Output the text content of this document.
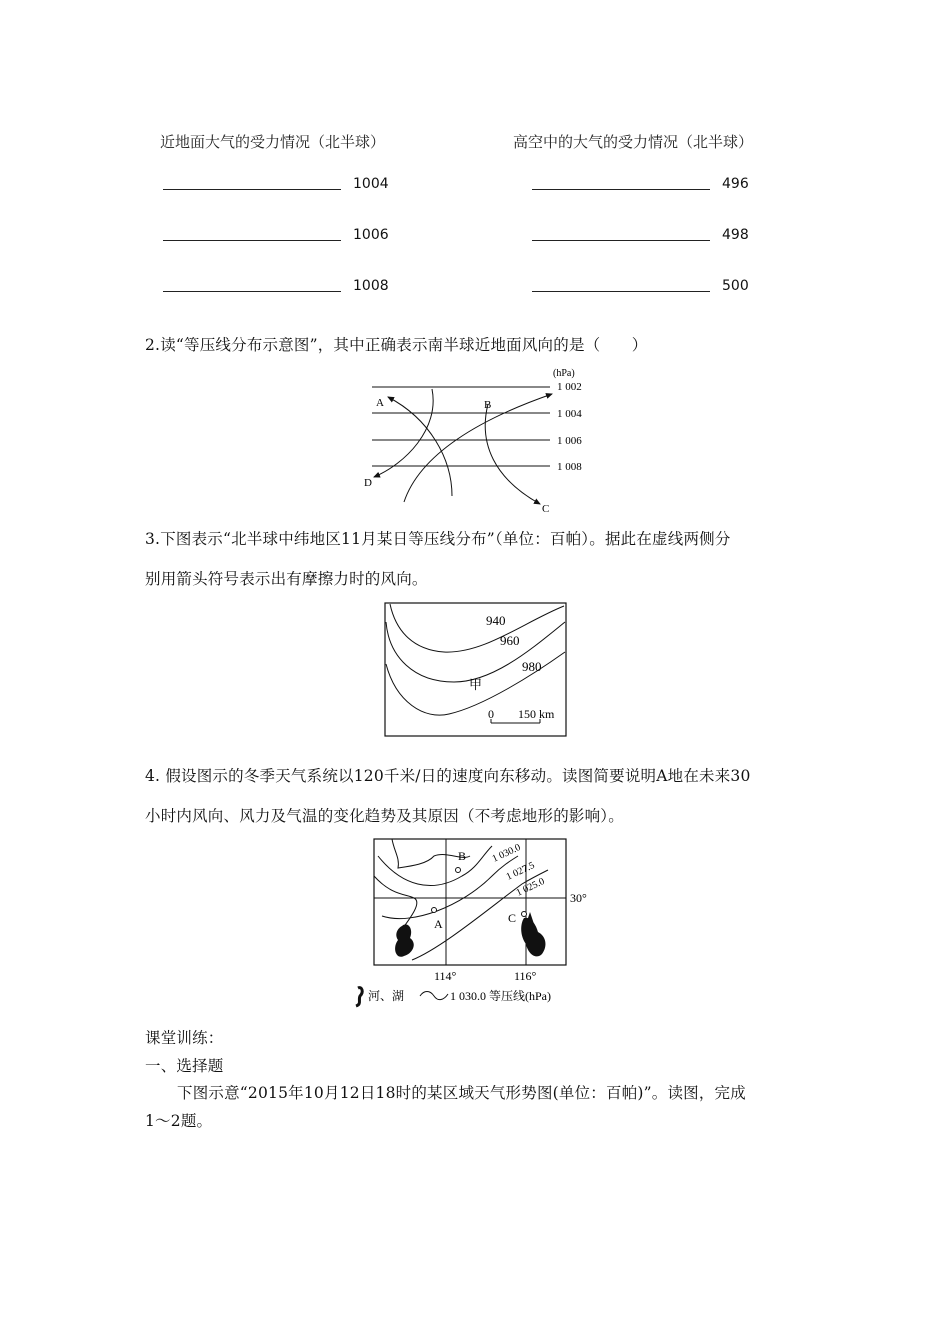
近地面大气的受力情况（北半球）	高空中的大气的受力情况（北半球）
1004
1006
1008
496
498
500
2.读“等压线分布示意图”，其中正确表示南半球近地面风向的是（　　）
(hPa)
1 002
1 004
1 006
1 008
A	B
C
D
3.下图表示“北半球中纬地区11月某日等压线分布”（单位：百帕）。据此在虚线两侧分
别用箭头符号表示出有摩擦力时的风向。
940
960
980
甲
0 150 km
4. 假设图示的冬季天气系统以120千米/日的速度向东移动。读图简要说明A地在未来30
小时内风向、风力及气温的变化趋势及其原因（不考虑地形的影响）。
A
B
C
1 030.0
1 027.5
1 025.0 30°
114°	116°
河、湖	1 030.0 等压线(hPa)
课堂训练：
一、选择题
下图示意“2015年10月12日18时的某区域天气形势图(单位：百帕)”。读图，完成
1～2题。
